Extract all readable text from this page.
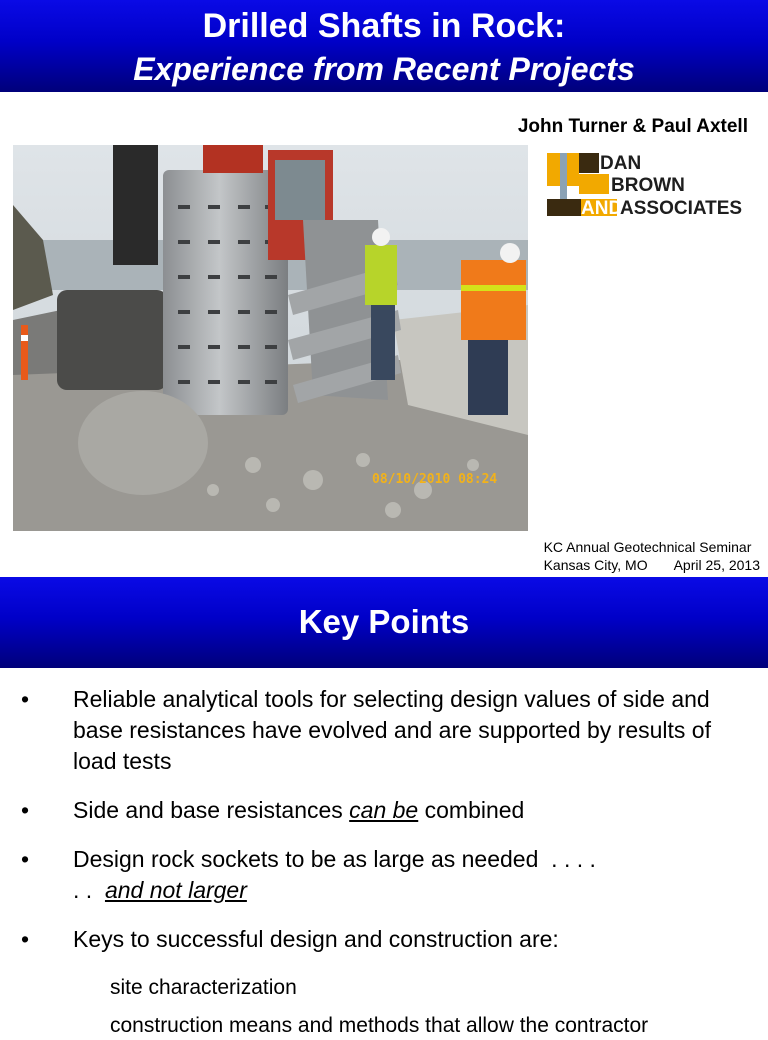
Drilled Shafts in Rock:
Experience from Recent Projects
John Turner & Paul Axtell
08/10/2010 08:24
DAN
BROWN
AND
ASSOCIATES
KC Annual Geotechnical Seminar
Kansas City, MO April 25, 2013
Key Points
• Reliable analytical tools for selecting design values of side and base resistances have evolved and are supported by results of load tests
• Side and base resistances can be combined
• Design rock sockets to be as large as needed . . . .
. . and not larger
• Keys to successful design and construction are:
site characterization
construction means and methods that allow the contractor
